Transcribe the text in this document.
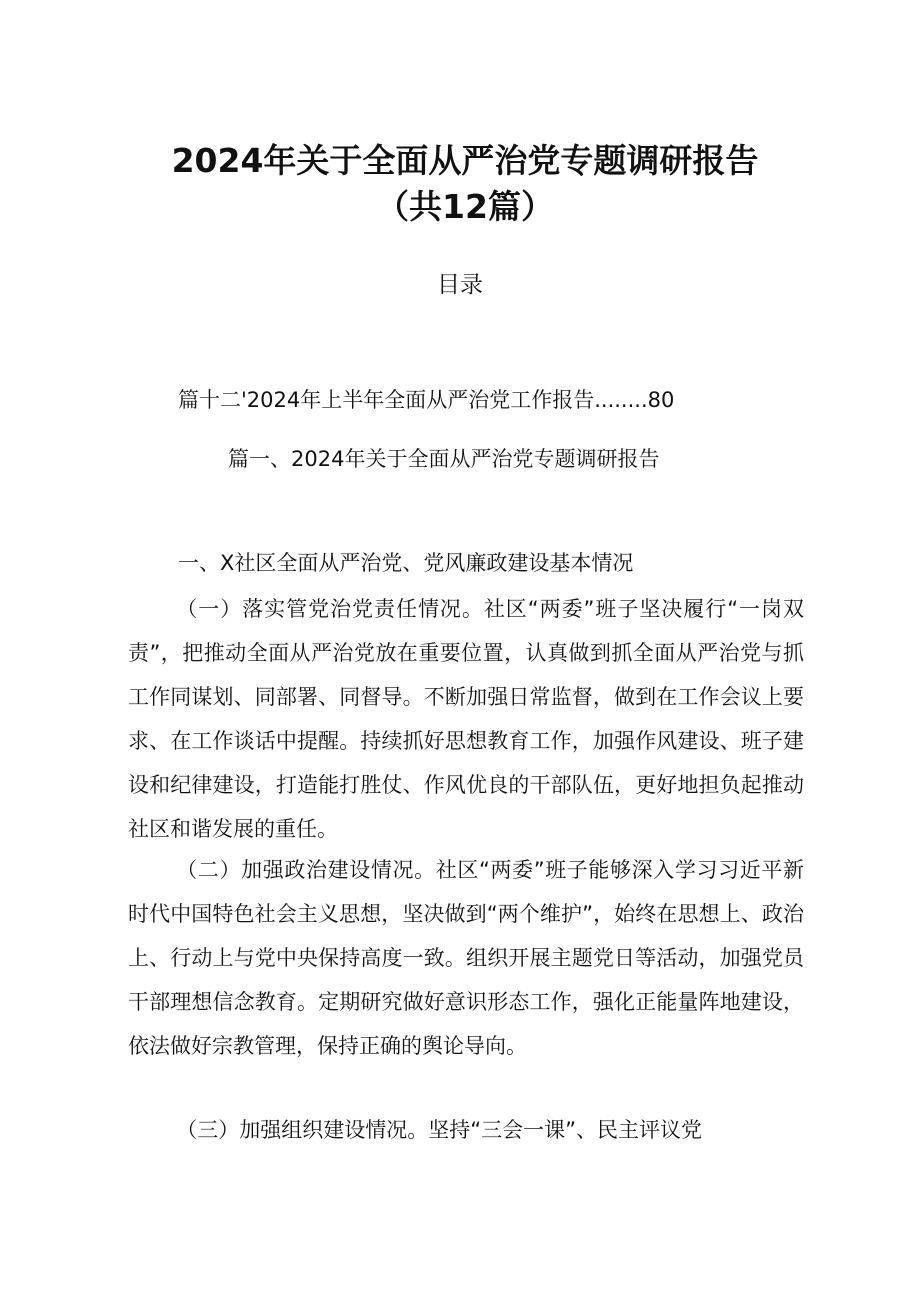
2024年关于全面从严治党专题调研报告（共12篇）
目录
篇十二'2024年上半年全面从严治党工作报告........80
篇一、2024年关于全面从严治党专题调研报告
一、X社区全面从严治党、党风廉政建设基本情况
（一）落实管党治党责任情况。社区“两委”班子坚决履行“一岗双责”，把推动全面从严治党放在重要位置，认真做到抓全面从严治党与抓工作同谋划、同部署、同督导。不断加强日常监督，做到在工作会议上要求、在工作谈话中提醒。持续抓好思想教育工作，加强作风建设、班子建设和纪律建设，打造能打胜仗、作风优良的干部队伍，更好地担负起推动社区和谐发展的重任。
（二）加强政治建设情况。社区“两委”班子能够深入学习习近平新时代中国特色社会主义思想，坚决做到“两个维护”，始终在思想上、政治上、行动上与党中央保持高度一致。组织开展主题党日等活动，加强党员干部理想信念教育。定期研究做好意识形态工作，强化正能量阵地建设，依法做好宗教管理，保持正确的舆论导向。
（三）加强组织建设情况。坚持“三会一课”、民主评议党
